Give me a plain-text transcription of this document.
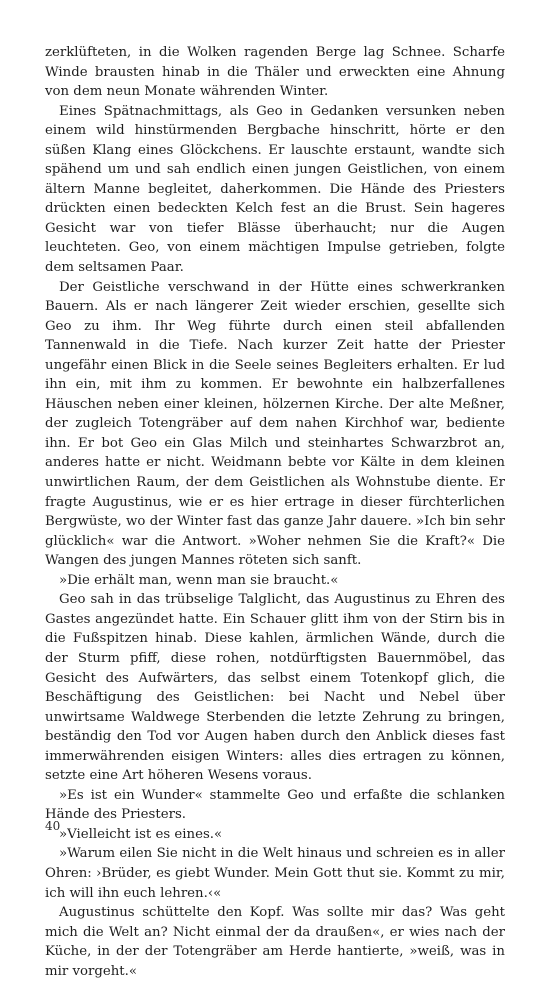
zerklüfteten, in die Wolken ragenden Berge lag Schnee. Scharfe Winde brausten hinab in die Thäler und erweckten eine Ahnung von dem neun Monate währenden Winter.

Eines Spätnachmittags, als Geo in Gedanken versunken neben einem wild hinstürmenden Bergbache hinschritt, hörte er den süßen Klang eines Glöckchens. Er lauschte erstaunt, wandte sich spähend um und sah endlich einen jungen Geistlichen, von einem ältern Manne begleitet, daherkommen. Die Hände des Priesters drückten einen bedeckten Kelch fest an die Brust. Sein hageres Gesicht war von tiefer Blässe überhaucht; nur die Augen leuchteten. Geo, von einem mächtigen Impulse getrieben, folgte dem seltsamen Paar.

Der Geistliche verschwand in der Hütte eines schwerkranken Bauern. Als er nach längerer Zeit wieder erschien, gesellte sich Geo zu ihm. Ihr Weg führte durch einen steil abfallenden Tannenwald in die Tiefe. Nach kurzer Zeit hatte der Priester ungefähr einen Blick in die Seele seines Begleiters erhalten. Er lud ihn ein, mit ihm zu kommen. Er bewohnte ein halbzerfallenes Häuschen neben einer kleinen, hölzernen Kirche. Der alte Meßner, der zugleich Totengräber auf dem nahen Kirchhof war, bediente ihn. Er bot Geo ein Glas Milch und steinhartes Schwarzbrot an, anderes hatte er nicht. Weidmann bebte vor Kälte in dem kleinen unwirtlichen Raum, der dem Geistlichen als Wohnstube diente. Er fragte Augustinus, wie er es hier ertrage in dieser fürchterlichen Bergwüste, wo der Winter fast das ganze Jahr dauere. »Ich bin sehr glücklich« war die Antwort. »Woher nehmen Sie die Kraft?« Die Wangen des jungen Mannes röteten sich sanft.

»Die erhält man, wenn man sie braucht.«

Geo sah in das trübselige Talglicht, das Augustinus zu Ehren des Gastes angezündet hatte. Ein Schauer glitt ihm von der Stirn bis in die Fußspitzen hinab. Diese kahlen, ärmlichen Wände, durch die der Sturm pfiff, diese rohen, notdürftigsten Bauernmöbel, das Gesicht des Aufwärters, das selbst einem Totenkopf glich, die Beschäftigung des Geistlichen: bei Nacht und Nebel über unwirtsame Waldwege Sterbenden die letzte Zehrung zu bringen, beständig den Tod vor Augen haben durch den Anblick dieses fast immerwährenden eisigen Winters: alles dies ertragen zu können, setzte eine Art höheren Wesens voraus.

»Es ist ein Wunder« stammelte Geo und erfaßte die schlanken Hände des Priesters.

»Vielleicht ist es eines.«

»Warum eilen Sie nicht in die Welt hinaus und schreien es in aller Ohren: ›Brüder, es giebt Wunder. Mein Gott thut sie. Kommt zu mir, ich will ihn euch lehren.‹«

Augustinus schüttelte den Kopf. Was sollte mir das? Was geht mich die Welt an? Nicht einmal der da draußen«, er wies nach der Küche, in der der Totengräber am Herde hantierte, »weiß, was in mir vorgeht.«

40
